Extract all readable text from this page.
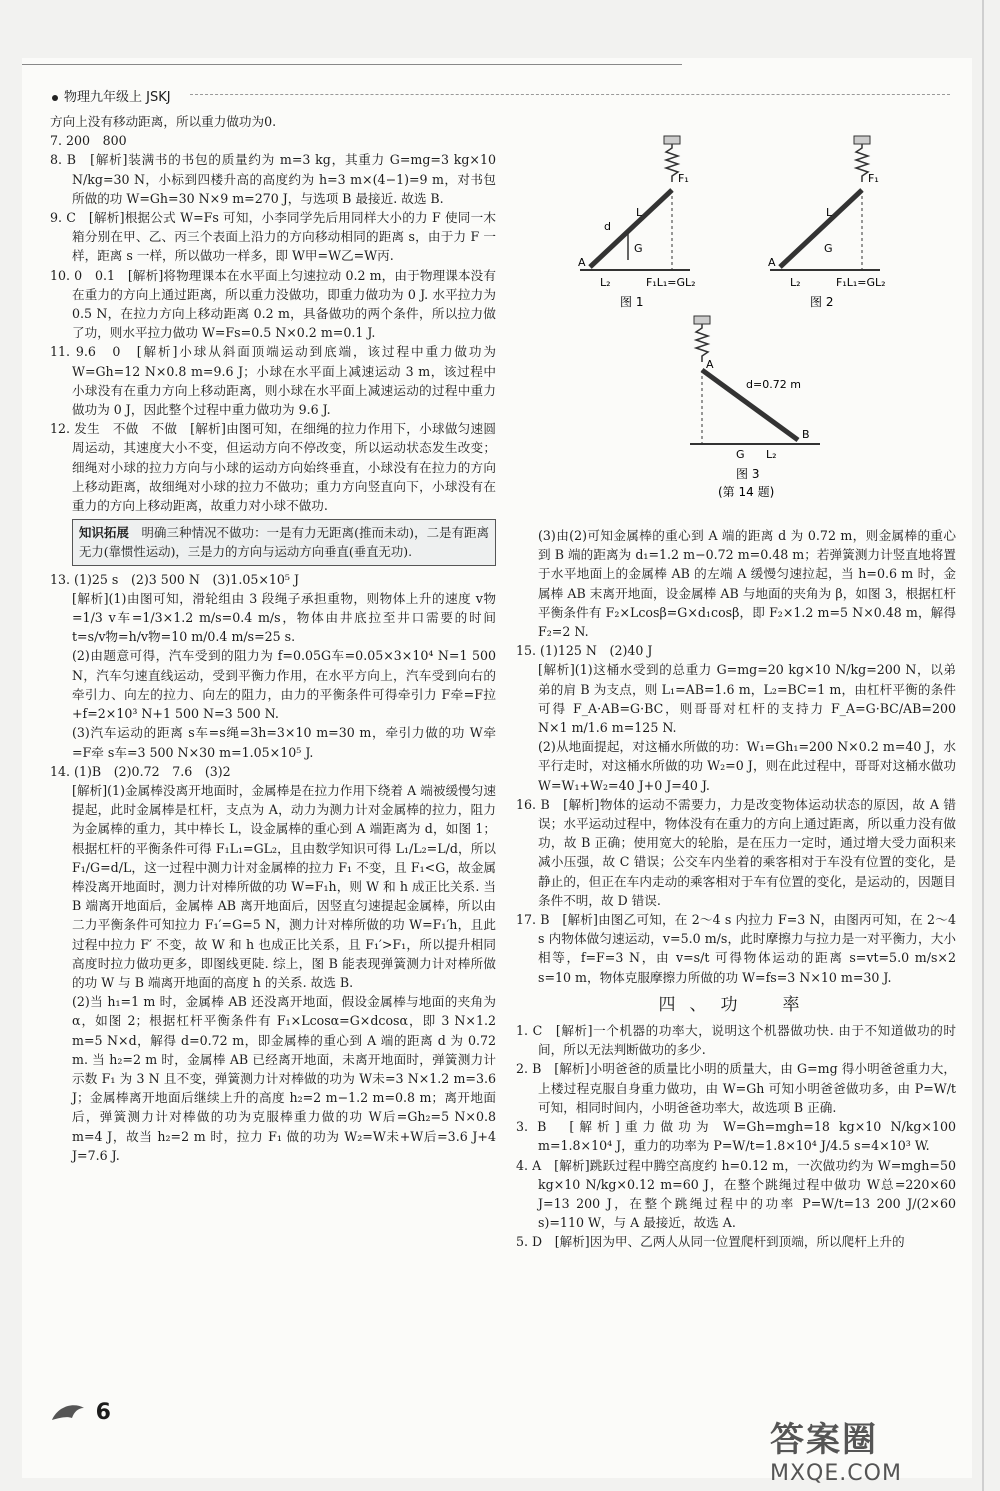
物理九年级上 JSKJ

方向上没有移动距离，所以重力做功为0.

7. 200　800

8. B　[解析]装满书的书包的质量约为 m=3 kg，其重力 G=mg=3 kg×10 N/kg=30 N，小标到四楼升高的高度约为 h=3 m×(4−1)=9 m，对书包所做的功 W=Gh=30 N×9 m=270 J，与选项 B 最接近. 故选 B.

9. C　[解析]根据公式 W=Fs 可知，小李同学先后用同样大小的力 F 使同一木箱分别在甲、乙、丙三个表面上沿力的方向移动相同的距离 s，由于力 F 一样，距离 s 一样，所以做功一样多，即 W甲=W乙=W丙.

10. 0　0.1　[解析]将物理课本在水平面上匀速拉动 0.2 m，由于物理课本没有在重力的方向上通过距离，所以重力没做功，即重力做功为 0 J. 水平拉力为 0.5 N，在拉力方向上移动距离 0.2 m，具备做功的两个条件，所以拉力做了功，则水平拉力做功 W=Fs=0.5 N×0.2 m=0.1 J.

11. 9.6　0　[解析]小球从斜面顶端运动到底端，该过程中重力做功为 W=Gh=12 N×0.8 m=9.6 J；小球在水平面上减速运动 3 m，该过程中小球没有在重力方向上移动距离，则小球在水平面上减速运动的过程中重力做功为 0 J，因此整个过程中重力做功为 9.6 J.

12. 发生　不做　不做　[解析]由图可知，在细绳的拉力作用下，小球做匀速圆周运动，其速度大小不变，但运动方向不停改变，所以运动状态发生改变；细绳对小球的拉力方向与小球的运动方向始终垂直，小球没有在拉力的方向上移动距离，故细绳对小球的拉力不做功；重力方向竖直向下，小球没有在重力的方向上移动距离，故重力对小球不做功.

知识拓展　 明确三种情况不做功：一是有力无距离(推而未动)，二是有距离无力(靠惯性运动)，三是力的方向与运动方向垂直(垂直无功).

13. (1)25 s　(2)3 500 N　(3)1.05×10⁵ J

[解析](1)由图可知，滑轮组由 3 段绳子承担重物，则物体上升的速度 v物=1/3 v车=1/3×1.2 m/s=0.4 m/s，物体由井底拉至井口需要的时间 t=s/v物=h/v物=10 m/0.4 m/s=25 s.

(2)由题意可得，汽车受到的阻力为 f=0.05G车=0.05×3×10⁴ N=1 500 N，汽车匀速直线运动，受到平衡力作用，在水平方向上，汽车受到向右的牵引力、向左的拉力、向左的阻力，由力的平衡条件可得牵引力 F牵=F拉+f=2×10³ N+1 500 N=3 500 N.

(3)汽车运动的距离 s车=s绳=3h=3×10 m=30 m，牵引力做的功 W牵=F牵 s车=3 500 N×30 m=1.05×10⁵ J.

14. (1)B　(2)0.72　7.6　(3)2

[解析](1)金属棒没离开地面时，金属棒是在拉力作用下绕着 A 端被缓慢匀速提起，此时金属棒是杠杆，支点为 A，动力为测力计对金属棒的拉力，阻力为金属棒的重力，其中棒长 L，设金属棒的重心到 A 端距离为 d，如图 1；根据杠杆的平衡条件可得 F₁L₁=GL₂，且由数学知识可得 L₁/L₂=L/d，所以 F₁/G=d/L，这一过程中测力计对金属棒的拉力 F₁ 不变，且 F₁<G，故金属棒没离开地面时，测力计对棒所做的功 W=F₁h，则 W 和 h 成正比关系. 当 B 端离开地面后，金属棒 AB 离开地面后，因竖直匀速提起金属棒，所以由二力平衡条件可知拉力 F₁′=G=5 N，测力计对棒所做的功 W=F₁′h，且此过程中拉力 F′ 不变，故 W 和 h 也成正比关系，且 F₁′>F₁，所以提升相同高度时拉力做功更多，即图线更陡. 综上，图 B 能表现弹簧测力计对棒所做的功 W 与 B 端离开地面的高度 h 的关系. 故选 B.

(2)当 h₁=1 m 时，金属棒 AB 还没离开地面，假设金属棒与地面的夹角为 α，如图 2；根据杠杆平衡条件有 F₁×Lcosα=G×dcosα，即 3 N×1.2 m=5 N×d，解得 d=0.72 m，即金属棒的重心到 A 端的距离 d 为 0.72 m. 当 h₂=2 m 时，金属棒 AB 已经离开地面，未离开地面时，弹簧测力计示数 F₁ 为 3 N 且不变，弹簧测力计对棒做的功为 W未=3 N×1.2 m=3.6 J；金属棒离开地面后继续上升的高度 h₂=2 m−1.2 m=0.8 m；离开地面后，弹簧测力计对棒做的功为克服棒重力做的功 W后=Gh₂=5 N×0.8 m=4 J，故当 h₂=2 m 时，拉力 F₁ 做的功为 W₂=W未+W后=3.6 J+4 J=7.6 J.

A
L
d
G
F₁
L₂	F₁L₁=GL₂
图 1
A
L
G
F₁
L₂	F₁L₁=GL₂
图 2
A
B
d=0.72 m
G L₂
图 3
(第 14 题)

(3)由(2)可知金属棒的重心到 A 端的距离 d 为 0.72 m，则金属棒的重心到 B 端的距离为 d₁=1.2 m−0.72 m=0.48 m；若弹簧测力计竖直地将置于水平地面上的金属棒 AB 的左端 A 缓慢匀速拉起，当 h=0.6 m 时，金属棒 AB 末离开地面，设金属棒 AB 与地面的夹角为 β，如图 3，根据杠杆平衡条件有 F₂×Lcosβ=G×d₁cosβ，即 F₂×1.2 m=5 N×0.48 m，解得 F₂=2 N.

15. (1)125 N　(2)40 J

[解析](1)这桶水受到的总重力 G=mg=20 kg×10 N/kg=200 N，以弟弟的肩 B 为支点，则 L₁=AB=1.6 m，L₂=BC=1 m，由杠杆平衡的条件可得 F_A·AB=G·BC，则哥哥对杠杆的支持力 F_A=G·BC/AB=200 N×1 m/1.6 m=125 N.

(2)从地面提起，对这桶水所做的功：W₁=Gh₁=200 N×0.2 m=40 J，水平行走时，对这桶水所做的功 W₂=0 J，则在此过程中，哥哥对这桶水做功 W=W₁+W₂=40 J+0 J=40 J.

16. B　[解析]物体的运动不需要力，力是改变物体运动状态的原因，故 A 错误；水平运动过程中，物体没有在重力的方向上通过距离，所以重力没有做功，故 B 正确；使用宽大的轮胎，是在压力一定时，通过增大受力面积来减小压强，故 C 错误；公交车内坐着的乘客相对于车没有位置的变化，是静止的，但正在车内走动的乘客相对于车有位置的变化，是运动的，因题目条件不明，故 D 错误.

17. B　[解析]由图乙可知，在 2～4 s 内拉力 F=3 N，由图丙可知，在 2～4 s 内物体做匀速运动，v=5.0 m/s，此时摩擦力与拉力是一对平衡力，大小相等，f=F=3 N，由 v=s/t 可得物体运动的距离 s=vt=5.0 m/s×2 s=10 m，物体克服摩擦力所做的功 W=fs=3 N×10 m=30 J.

四、功　率

1. C　[解析]一个机器的功率大，说明这个机器做功快. 由于不知道做功的时间，所以无法判断做功的多少.

2. B　[解析]小明爸爸的质量比小明的质量大，由 G=mg 得小明爸爸重力大，上楼过程克服自身重力做功，由 W=Gh 可知小明爸爸做功多，由 P=W/t 可知，相同时间内，小明爸爸功率大，故选项 B 正确.

3. B　[解析]重力做功为 W=Gh=mgh=18 kg×10 N/kg×100 m=1.8×10⁴ J，重力的功率为 P=W/t=1.8×10⁴ J/4.5 s=4×10³ W.

4. A　[解析]跳跃过程中腾空高度约 h=0.12 m，一次做功约为 W=mgh=50 kg×10 N/kg×0.12 m=60 J，在整个跳绳过程中做功 W总=220×60 J=13 200 J，在整个跳绳过程中的功率 P=W/t=13 200 J/(2×60 s)=110 W，与 A 最接近，故选 A.

5. D　[解析]因为甲、乙两人从同一位置爬杆到顶端，所以爬杆上升的

6
答案圈
MXQE.COM
